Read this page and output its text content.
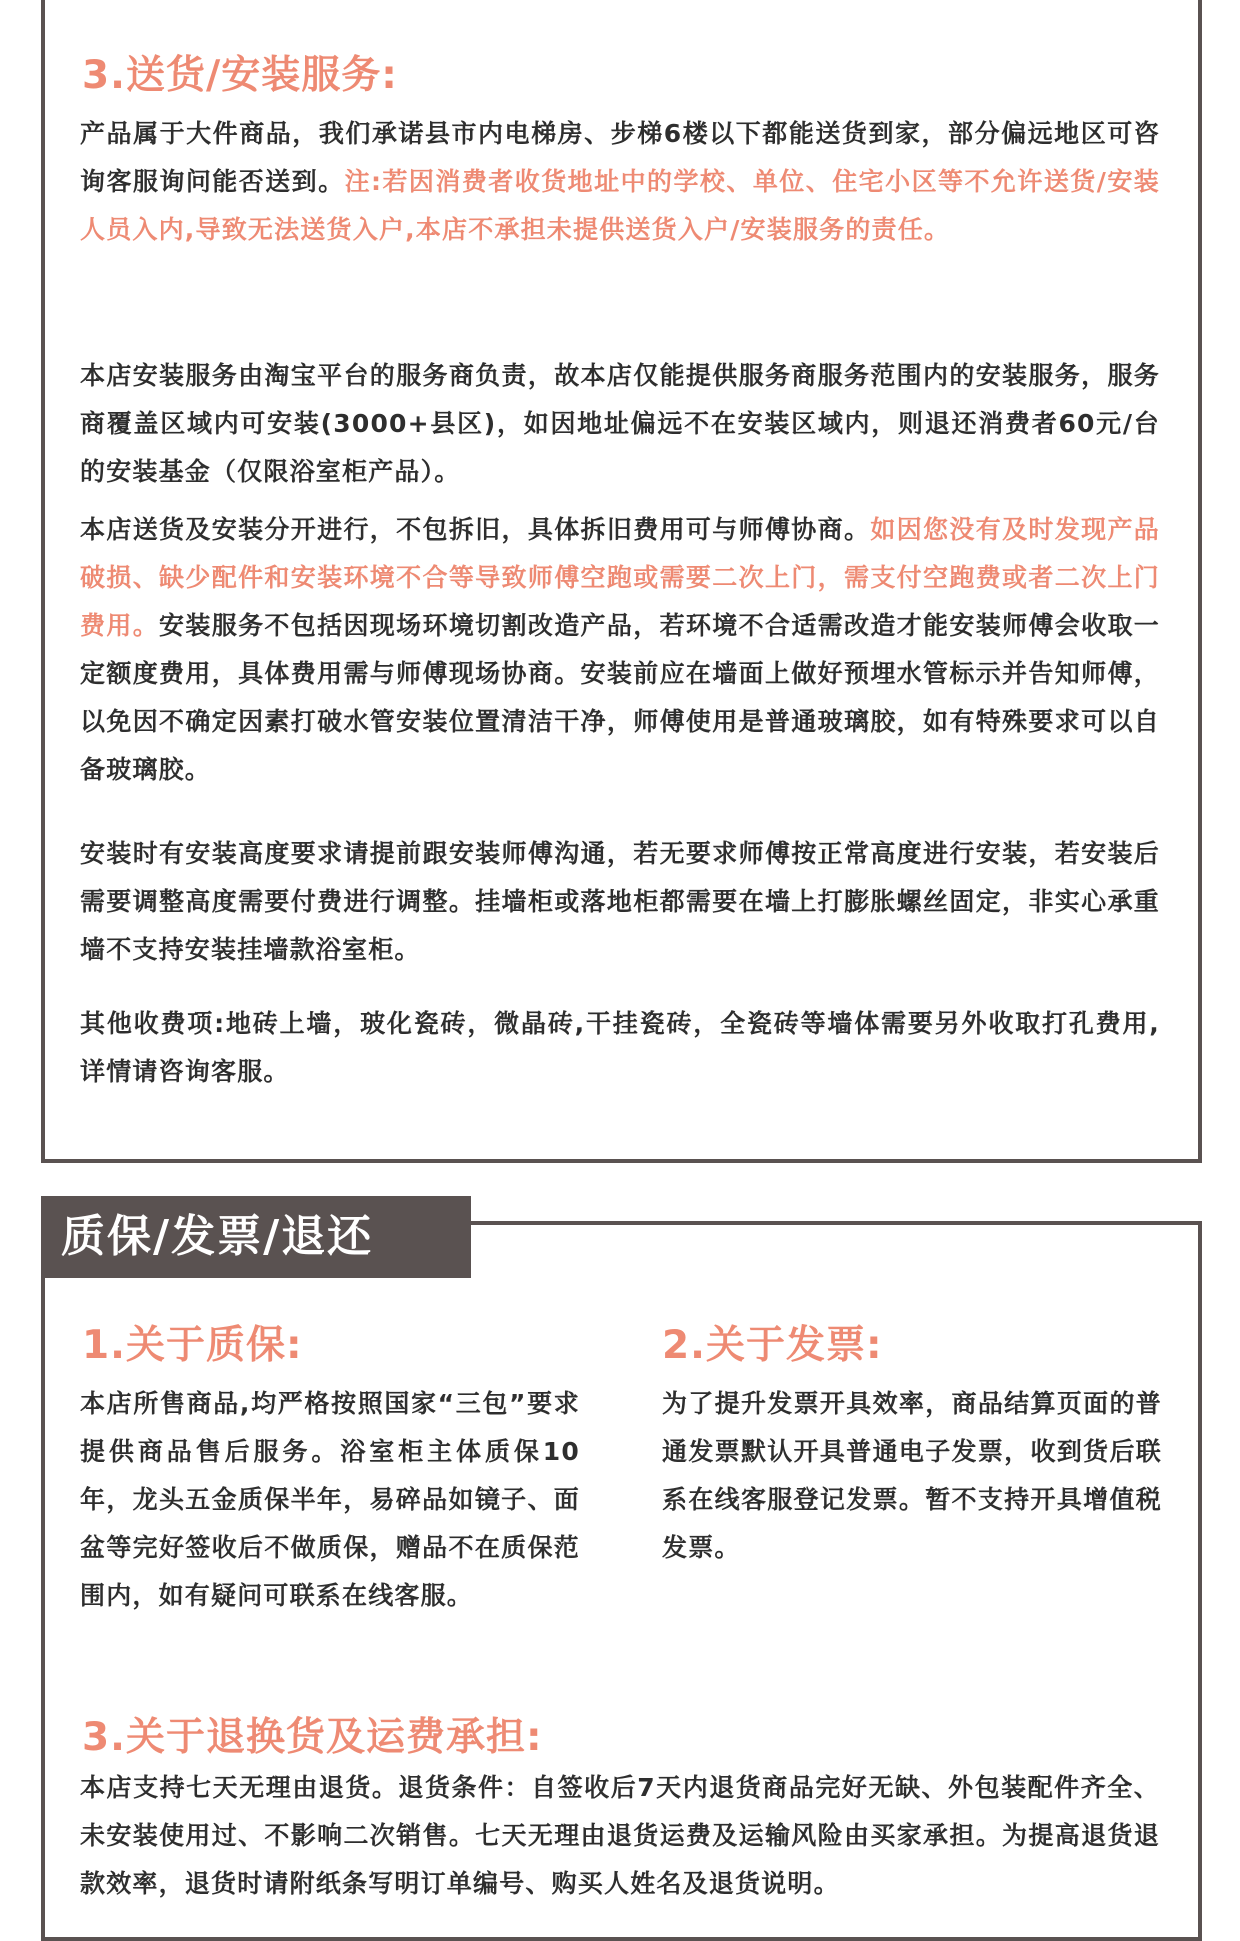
3.送货/安装服务:

产品属于大件商品，我们承诺县市内电梯房、步梯6楼以下都能送货到家，部分偏远地区可咨询客服询问能否送到。注:若因消费者收货地址中的学校、单位、住宅小区等不允许送货/安装人员入内,导致无法送货入户,本店不承担未提供送货入户/安装服务的责任。

本店安装服务由淘宝平台的服务商负责，故本店仅能提供服务商服务范围内的安装服务，服务商覆盖区域内可安装(3000+县区)，如因地址偏远不在安装区域内，则退还消费者60元/台的安装基金（仅限浴室柜产品）。

本店送货及安装分开进行，不包拆旧，具体拆旧费用可与师傅协商。如因您没有及时发现产品破损、缺少配件和安装环境不合等导致师傅空跑或需要二次上门，需支付空跑费或者二次上门费用。安装服务不包括因现场环境切割改造产品，若环境不合适需改造才能安装师傅会收取一定额度费用，具体费用需与师傅现场协商。安装前应在墙面上做好预埋水管标示并告知师傅，以免因不确定因素打破水管安装位置清洁干净，师傅使用是普通玻璃胶，如有特殊要求可以自备玻璃胶。

安装时有安装高度要求请提前跟安装师傅沟通，若无要求师傅按正常高度进行安装，若安装后需要调整高度需要付费进行调整。挂墙柜或落地柜都需要在墙上打膨胀螺丝固定，非实心承重墙不支持安装挂墙款浴室柜。

其他收费项:地砖上墙，玻化瓷砖，微晶砖,干挂瓷砖，全瓷砖等墙体需要另外收取打孔费用,详情请咨询客服。

质保/发票/退还
1.关于质保:

本店所售商品,均严格按照国家“三包”要求提供商品售后服务。浴室柜主体质保10年，龙头五金质保半年，易碎品如镜子、面盆等完好签收后不做质保，赠品不在质保范围内，如有疑问可联系在线客服。

2.关于发票:

为了提升发票开具效率，商品结算页面的普通发票默认开具普通电子发票，收到货后联系在线客服登记发票。暂不支持开具增值税发票。

3.关于退换货及运费承担:

本店支持七天无理由退货。退货条件：自签收后7天内退货商品完好无缺、外包装配件齐全、未安装使用过、不影响二次销售。七天无理由退货运费及运输风险由买家承担。为提高退货退款效率，退货时请附纸条写明订单编号、购买人姓名及退货说明。
